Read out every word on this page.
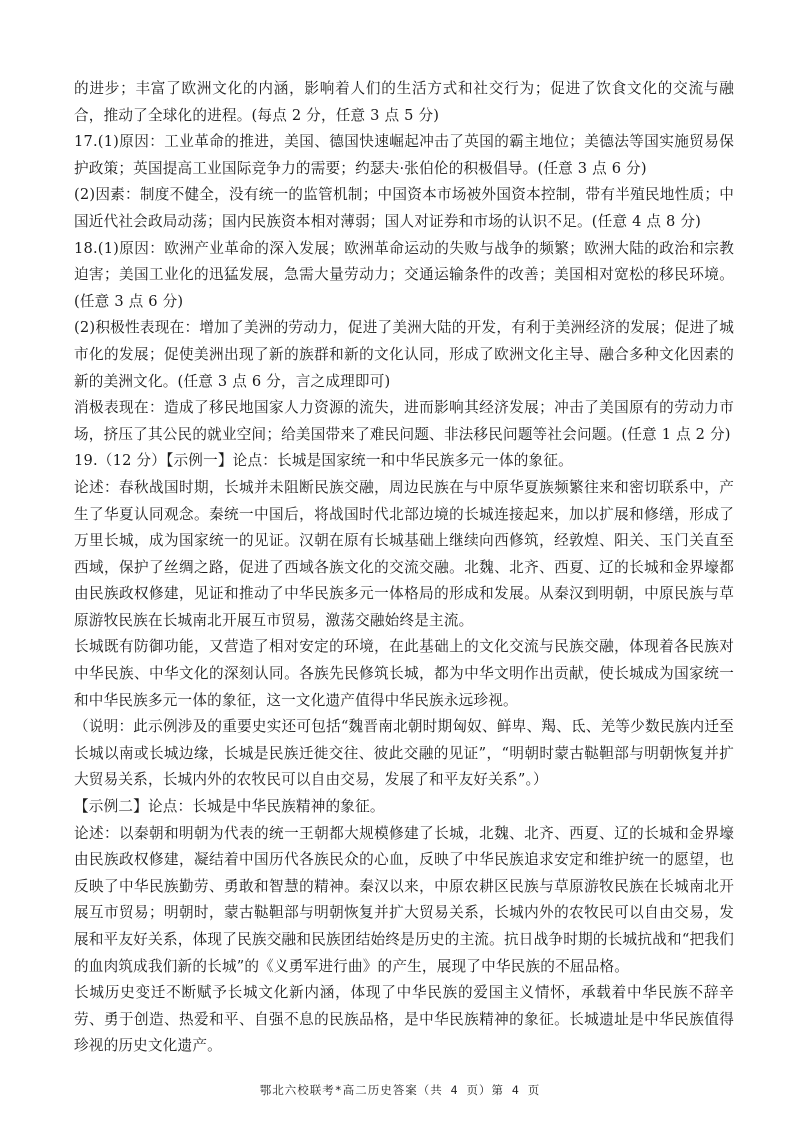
的进步；丰富了欧洲文化的内涵，影响着人们的生活方式和社交行为；促进了饮食文化的交流与融合，推动了全球化的进程。(每点 2 分，任意 3 点 5 分)

17.(1)原因：工业革命的推进，美国、德国快速崛起冲击了英国的霸主地位；美德法等国实施贸易保护政策；英国提高工业国际竞争力的需要；约瑟夫·张伯伦的积极倡导。(任意 3 点 6 分)

(2)因素：制度不健全，没有统一的监管机制；中国资本市场被外国资本控制，带有半殖民地性质；中国近代社会政局动荡；国内民族资本相对薄弱；国人对证券和市场的认识不足。(任意 4 点 8 分)

18.(1)原因：欧洲产业革命的深入发展；欧洲革命运动的失败与战争的频繁；欧洲大陆的政治和宗教迫害；美国工业化的迅猛发展，急需大量劳动力；交通运输条件的改善；美国相对宽松的移民环境。(任意 3 点 6 分)

(2)积极性表现在：增加了美洲的劳动力，促进了美洲大陆的开发，有利于美洲经济的发展；促进了城市化的发展；促使美洲出现了新的族群和新的文化认同，形成了欧洲文化主导、融合多种文化因素的新的美洲文化。(任意 3 点 6 分，言之成理即可)

消极表现在：造成了移民地国家人力资源的流失，进而影响其经济发展；冲击了美国原有的劳动力市场，挤压了其公民的就业空间；给美国带来了难民问题、非法移民问题等社会问题。(任意 1 点 2 分)

19.（12 分）【示例一】论点：长城是国家统一和中华民族多元一体的象征。

论述：春秋战国时期，长城并未阻断民族交融，周边民族在与中原华夏族频繁往来和密切联系中，产生了华夏认同观念。秦统一中国后，将战国时代北部边境的长城连接起来，加以扩展和修缮，形成了万里长城，成为国家统一的见证。汉朝在原有长城基础上继续向西修筑，经敦煌、阳关、玉门关直至西域，保护了丝绸之路，促进了西域各族文化的交流交融。北魏、北齐、西夏、辽的长城和金界壕都由民族政权修建，见证和推动了中华民族多元一体格局的形成和发展。从秦汉到明朝，中原民族与草原游牧民族在长城南北开展互市贸易，激荡交融始终是主流。

长城既有防御功能，又营造了相对安定的环境，在此基础上的文化交流与民族交融，体现着各民族对中华民族、中华文化的深刻认同。各族先民修筑长城，都为中华文明作出贡献，使长城成为国家统一和中华民族多元一体的象征，这一文化遗产值得中华民族永远珍视。

（说明：此示例涉及的重要史实还可包括“魏晋南北朝时期匈奴、鲜卑、羯、氐、羌等少数民族内迁至长城以南或长城边缘，长城是民族迁徙交往、彼此交融的见证”，“明朝时蒙古鞑靼部与明朝恢复并扩大贸易关系，长城内外的农牧民可以自由交易，发展了和平友好关系”。）

【示例二】论点：长城是中华民族精神的象征。

论述：以秦朝和明朝为代表的统一王朝都大规模修建了长城，北魏、北齐、西夏、辽的长城和金界壕由民族政权修建，凝结着中国历代各族民众的心血，反映了中华民族追求安定和维护统一的愿望，也反映了中华民族勤劳、勇敢和智慧的精神。秦汉以来，中原农耕区民族与草原游牧民族在长城南北开展互市贸易；明朝时，蒙古鞑靼部与明朝恢复并扩大贸易关系，长城内外的农牧民可以自由交易，发展和平友好关系，体现了民族交融和民族团结始终是历史的主流。抗日战争时期的长城抗战和“把我们的血肉筑成我们新的长城”的《义勇军进行曲》的产生，展现了中华民族的不屈品格。

长城历史变迁不断赋予长城文化新内涵，体现了中华民族的爱国主义情怀，承载着中华民族不辞辛劳、勇于创造、热爱和平、自强不息的民族品格，是中华民族精神的象征。长城遗址是中华民族值得珍视的历史文化遗产。

鄂北六校联考*高二历史答案（共 4 页）第 4 页
